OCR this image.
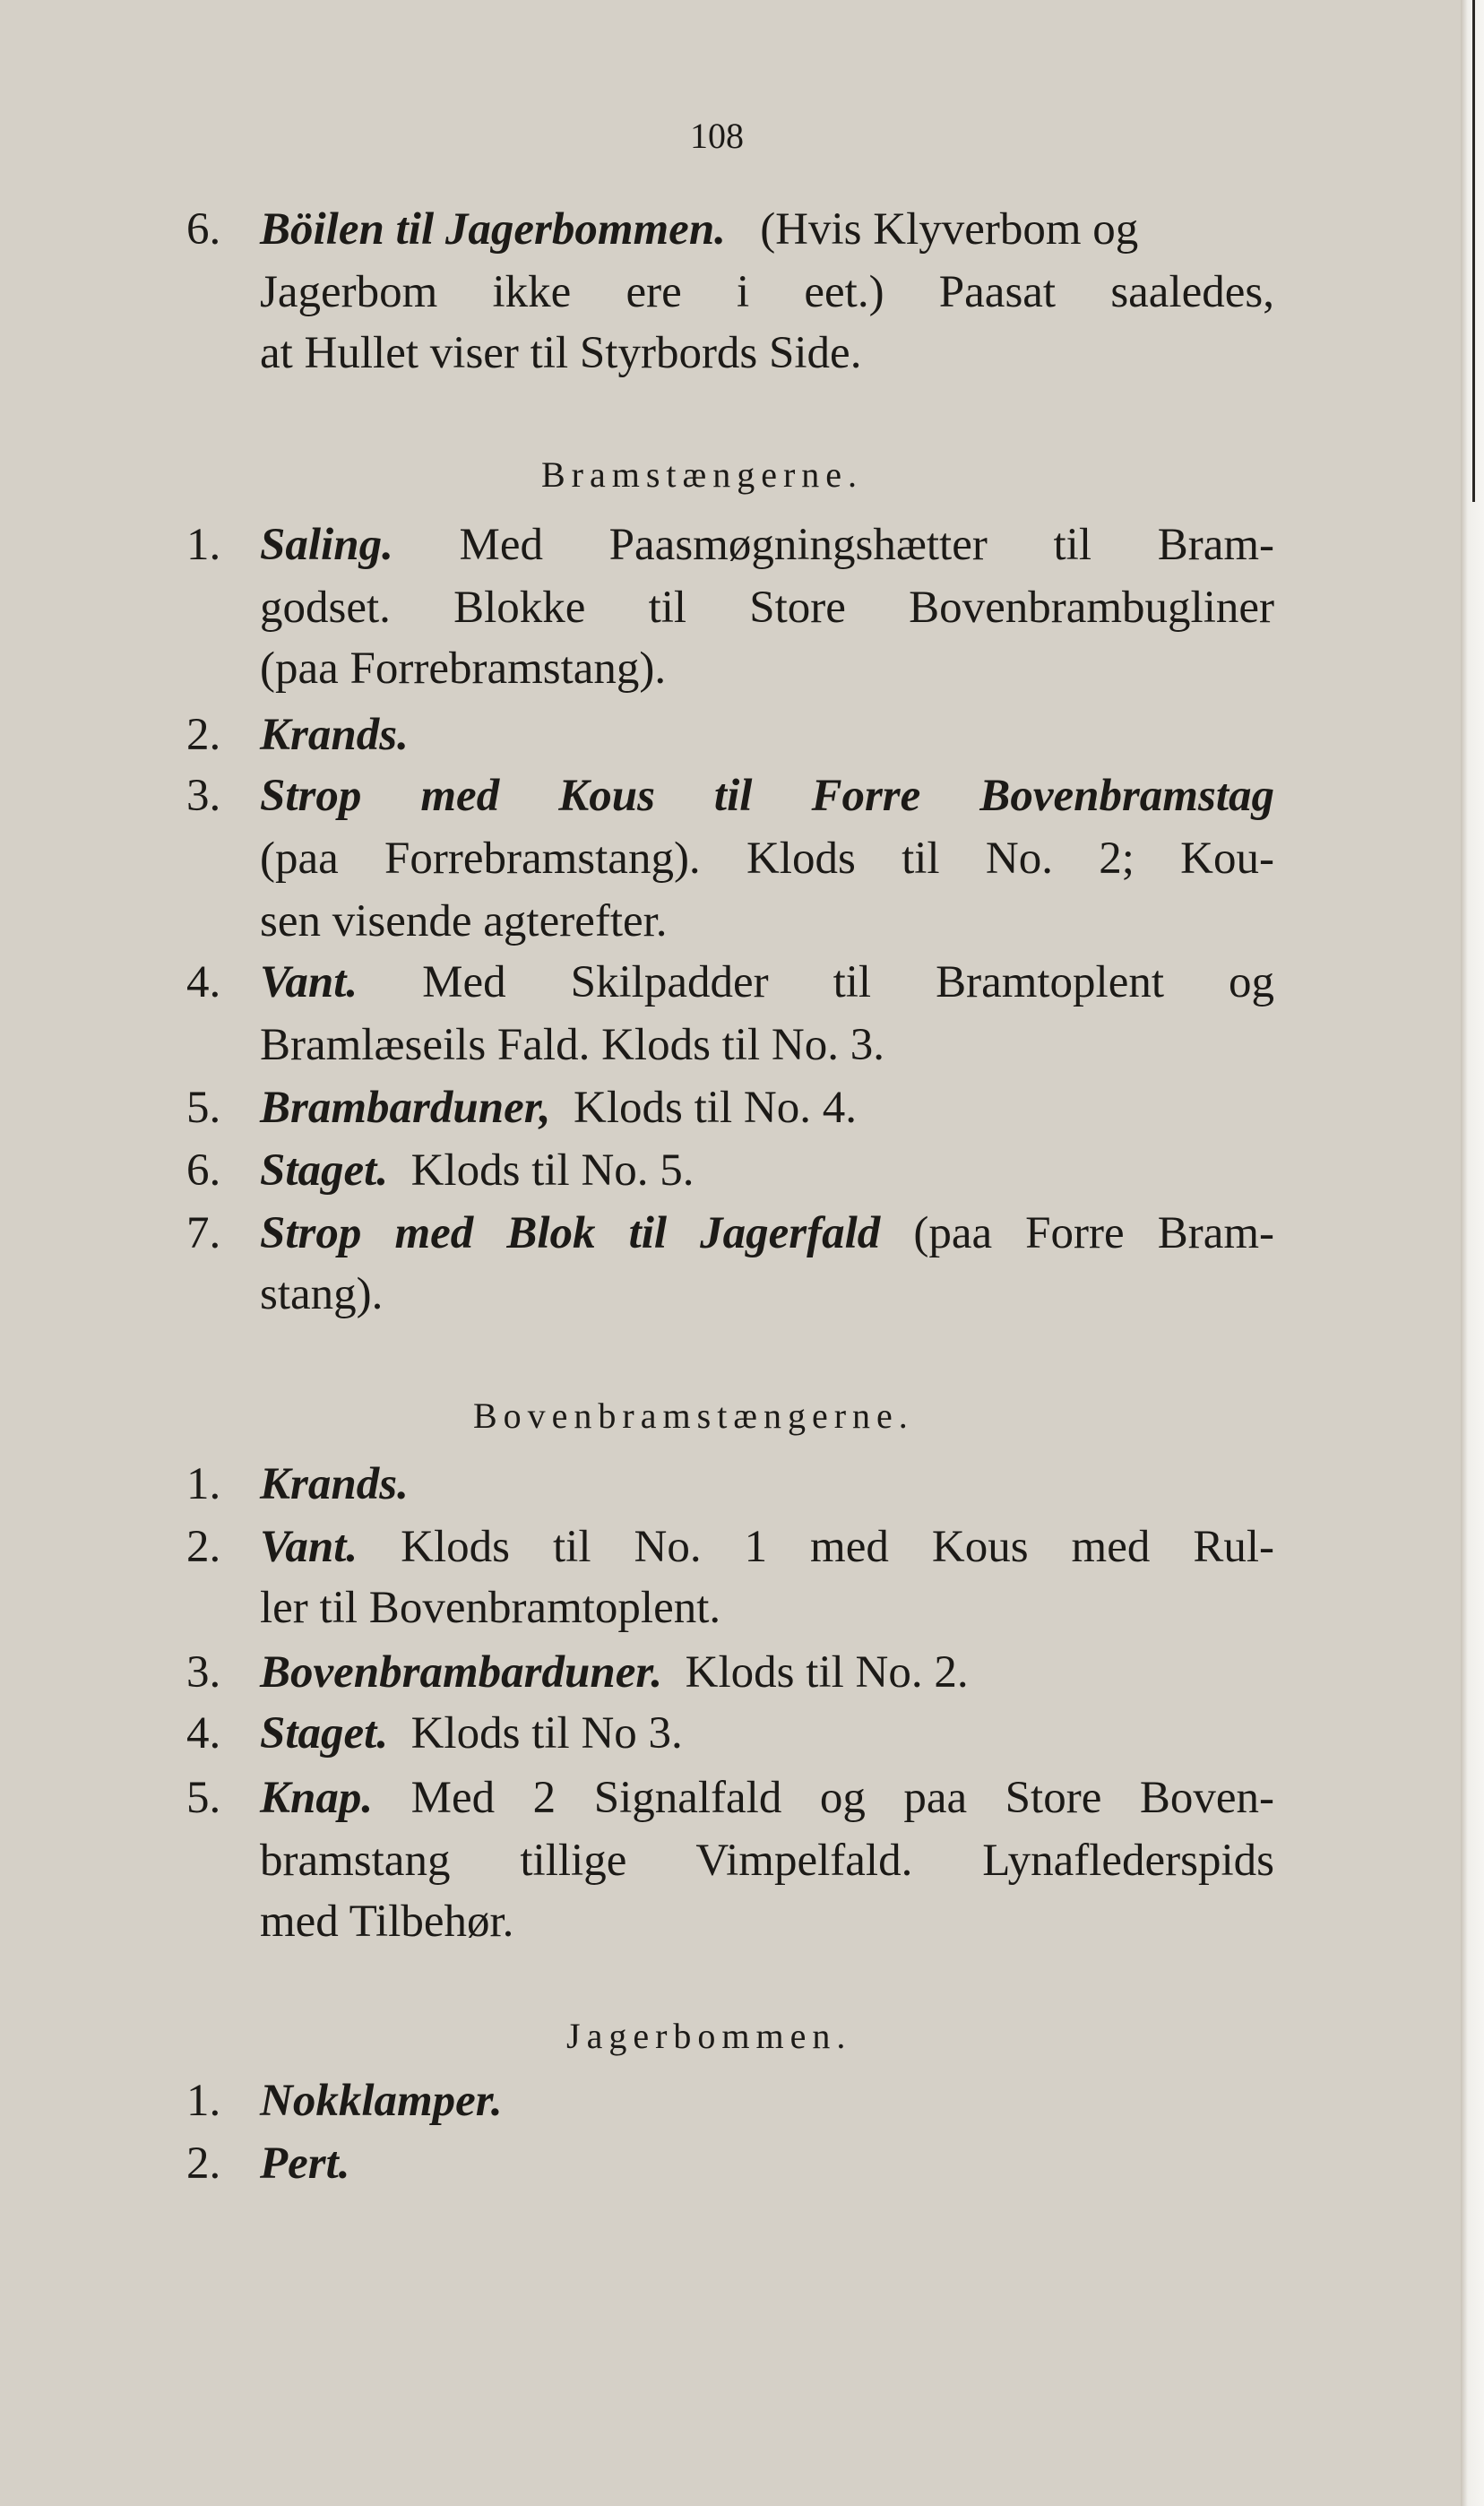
108
6. Böilen til Jagerbommen. (Hvis Klyverbom og
Jagerbom ikke ere i eet.) Paasat saaledes,
at Hullet viser til Styrbords Side.
Bramstængerne.
1. Saling. Med Paasmøgningshætter til Bram-
godset. Blokke til Store Bovenbrambugliner
(paa Forrebramstang).
2. Krands.
3. Strop med Kous til Forre Bovenbramstag
(paa Forrebramstang). Klods til No. 2; Kou-
sen visende agterefter.
4. Vant. Med Skilpadder til Bramtoplent og
Bramlæseils Fald. Klods til No. 3.
5. Brambarduner, Klods til No. 4.
6. Staget. Klods til No. 5.
7. Strop med Blok til Jagerfald (paa Forre Bram-
stang).
Bovenbramstængerne.
1. Krands.
2. Vant. Klods til No. 1 med Kous med Rul-
ler til Bovenbramtoplent.
3. Bovenbrambarduner. Klods til No. 2.
4. Staget. Klods til No 3.
5. Knap. Med 2 Signalfald og paa Store Boven-
bramstang tillige Vimpelfald. Lynaflederspids
med Tilbehør.
Jagerbommen.
1. Nokklamper.
2. Pert.
